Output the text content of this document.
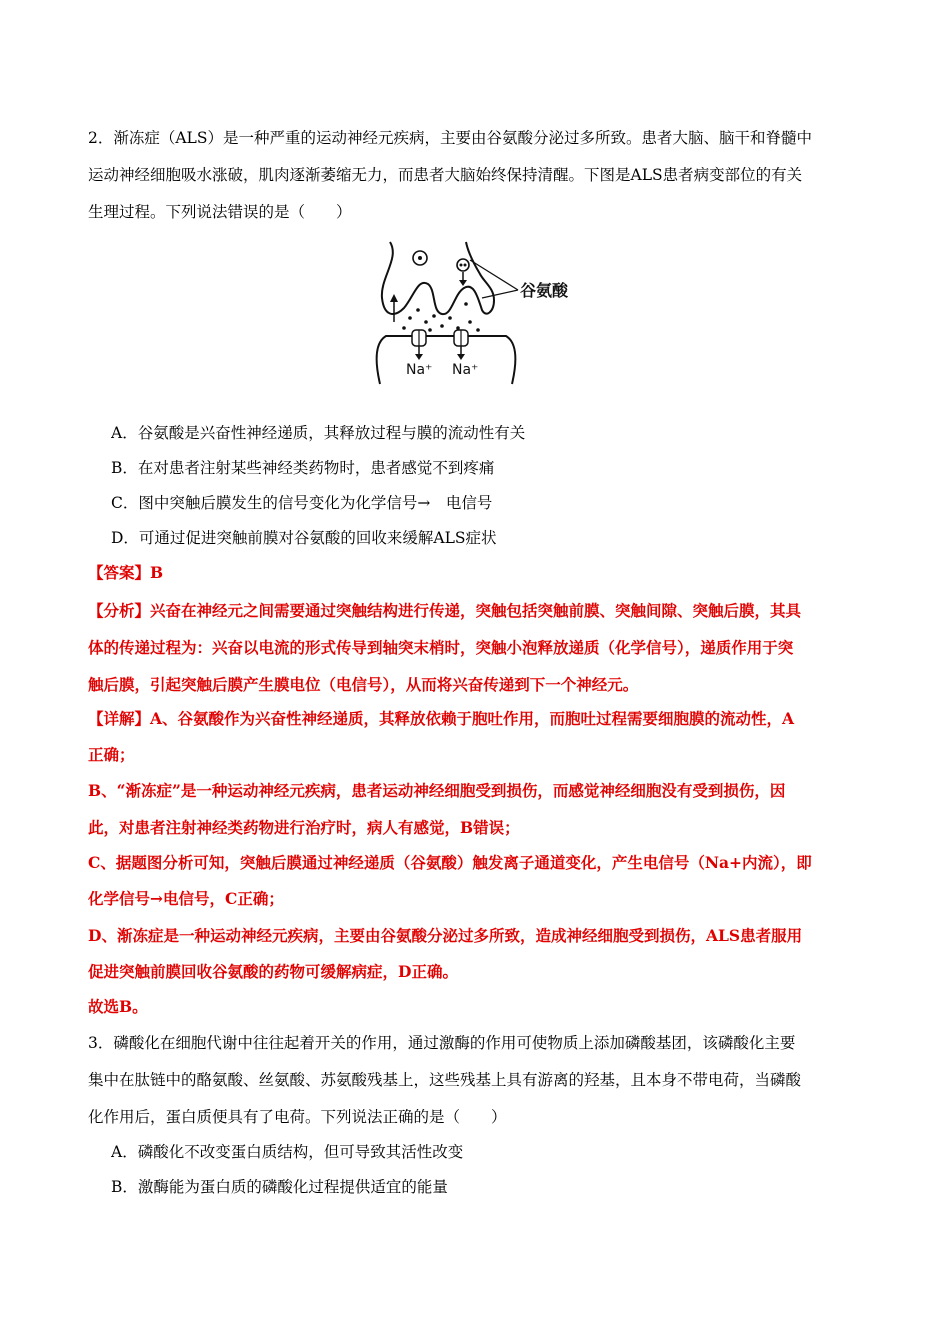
2．渐冻症（ALS）是一种严重的运动神经元疾病，主要由谷氨酸分泌过多所致。患者大脑、脑干和脊髓中
运动神经细胞吸水涨破，肌肉逐渐萎缩无力，而患者大脑始终保持清醒。下图是ALS患者病变部位的有关
生理过程。下列说法错误的是（　　）
谷氨酸
Na⁺ Na⁺
A．谷氨酸是兴奋性神经递质，其释放过程与膜的流动性有关
B．在对患者注射某些神经类药物时，患者感觉不到疼痛
C．图中突触后膜发生的信号变化为化学信号→　电信号
D．可通过促进突触前膜对谷氨酸的回收来缓解ALS症状
【答案】B
【分析】兴奋在神经元之间需要通过突触结构进行传递，突触包括突触前膜、突触间隙、突触后膜，其具
体的传递过程为：兴奋以电流的形式传导到轴突末梢时，突触小泡释放递质（化学信号），递质作用于突
触后膜，引起突触后膜产生膜电位（电信号），从而将兴奋传递到下一个神经元。
【详解】A、谷氨酸作为兴奋性神经递质，其释放依赖于胞吐作用，而胞吐过程需要细胞膜的流动性，A
正确；
B、“渐冻症”是一种运动神经元疾病，患者运动神经细胞受到损伤，而感觉神经细胞没有受到损伤，因
此，对患者注射神经类药物进行治疗时，病人有感觉，B错误；
C、据题图分析可知，突触后膜通过神经递质（谷氨酸）触发离子通道变化，产生电信号（Na+内流），即
化学信号→电信号，C正确；
D、渐冻症是一种运动神经元疾病，主要由谷氨酸分泌过多所致，造成神经细胞受到损伤，ALS患者服用
促进突触前膜回收谷氨酸的药物可缓解病症，D正确。
故选B。
3．磷酸化在细胞代谢中往往起着开关的作用，通过激酶的作用可使物质上添加磷酸基团，该磷酸化主要
集中在肽链中的酪氨酸、丝氨酸、苏氨酸残基上，这些残基上具有游离的羟基，且本身不带电荷，当磷酸
化作用后，蛋白质便具有了电荷。下列说法正确的是（　　）
A．磷酸化不改变蛋白质结构，但可导致其活性改变
B．激酶能为蛋白质的磷酸化过程提供适宜的能量
